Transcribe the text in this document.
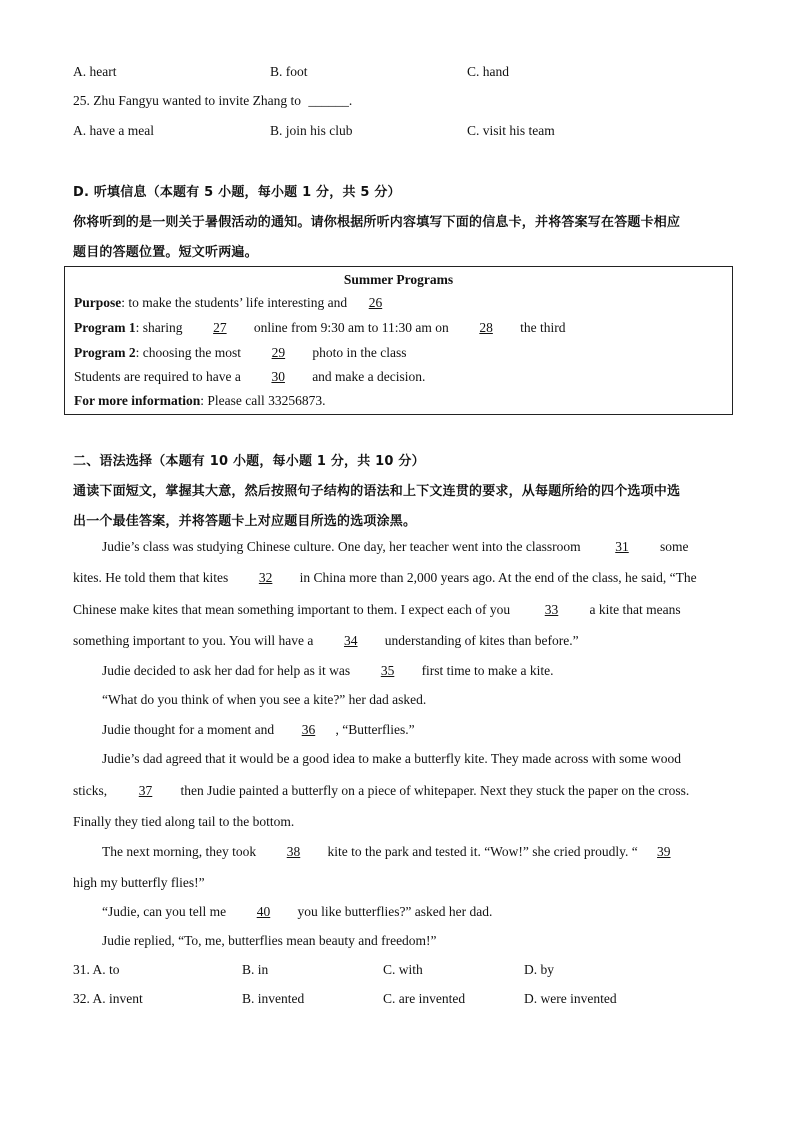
A. heart	B. foot	C. hand
25. Zhu Fangyu wanted to invite Zhang to ______.
A. have a meal	B. join his club	C. visit his team
D. 听填信息（本题有 5 小题，每小题 1 分，共 5 分）
你将听到的是一则关于暑假活动的通知。请你根据所听内容填写下面的信息卡，并将答案写在答题卡相应
题目的答题位置。短文听两遍。
Summer Programs
Purpose: to make the students’ life interesting and 26
Program 1: sharing 27 online from 9:30 am to 11:30 am on 28 the third
Program 2: choosing the most 29 photo in the class
Students are required to have a 30 and make a decision.
For more information: Please call 33256873.
二、语法选择（本题有 10 小题，每小题 1 分，共 10 分）
通读下面短文，掌握其大意，然后按照句子结构的语法和上下文连贯的要求，从每题所给的四个选项中选
出一个最佳答案，并将答题卡上对应题目所选的选项涂黑。
Judie’s class was studying Chinese culture. One day, her teacher went into the classroom	31 some
kites. He told them that kites 32 in China more than 2,000 years ago. At the end of the class, he said, “The
Chinese make kites that mean something important to them. I expect each of you	33 a kite that means
something important to you. You will have a 34 understanding of kites than before.”
Judie decided to ask her dad for help as it was 35 first time to make a kite.
“What do you think of when you see a kite?” her dad asked.
Judie thought for a moment and 36 , “Butterflies.”
Judie’s dad agreed that it would be a good idea to make a butterfly kite. They made across with some wood
sticks, 37 then Judie painted a butterfly on a piece of whitepaper. Next they stuck the paper on the cross.
Finally they tied along tail to the bottom.
The next morning, they took 38 kite to the park and tested it. “Wow!” she cried proudly. “ 39
high my butterfly flies!”
“Judie, can you tell me 40 you like butterflies?” asked her dad.
Judie replied, “To, me, butterflies mean beauty and freedom!”
31. A. to	B. in	C. with	D. by
32. A. invent	B. invented	C. are invented	D. were invented
